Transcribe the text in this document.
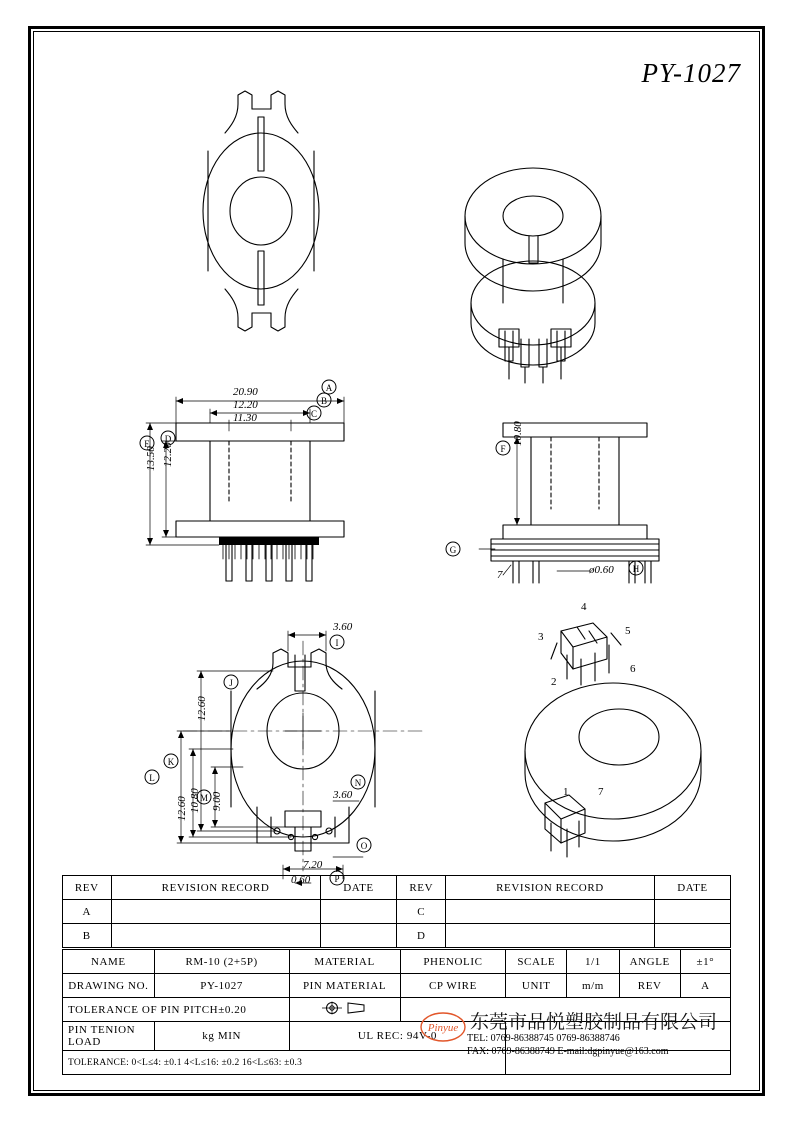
PY-1027
20.90
12.20
11.30
13.50 12.20
10.80
7	ø0.60
3.60
12.60
12.60 10.80 9.00	3.60
7.20
0.60
A
B
C
D
E	F
G
H
I
J
K
L
M
N
O
P
4
5
3
6
2
1	7
REV	REVISION RECORD	DATE	REV	REVISION RECORD	DATE
A			C		
B			D		
NAME	RM-10 (2+5P)	MATERIAL	PHENOLIC	SCALE	1/1	ANGLE	±1°
DRAWING NO.	PY-1027	PIN MATERIAL	CP WIRE	UNIT	m/m	REV	A
TOLERANCE OF PIN PITCH±0.20		
PIN TENION LOAD	kg MIN	UL REC: 94V-0					
TOLERANCE: 0<L≤4: ±0.1 4<L≤16: ±0.2 16<L≤63: ±0.3							
Pinyue 东莞市品悦塑胶制品有限公司
TEL: 0769-86388745 0769-86388746
FAX: 0769-86388749 E-mail:dgpinyue@163.com
